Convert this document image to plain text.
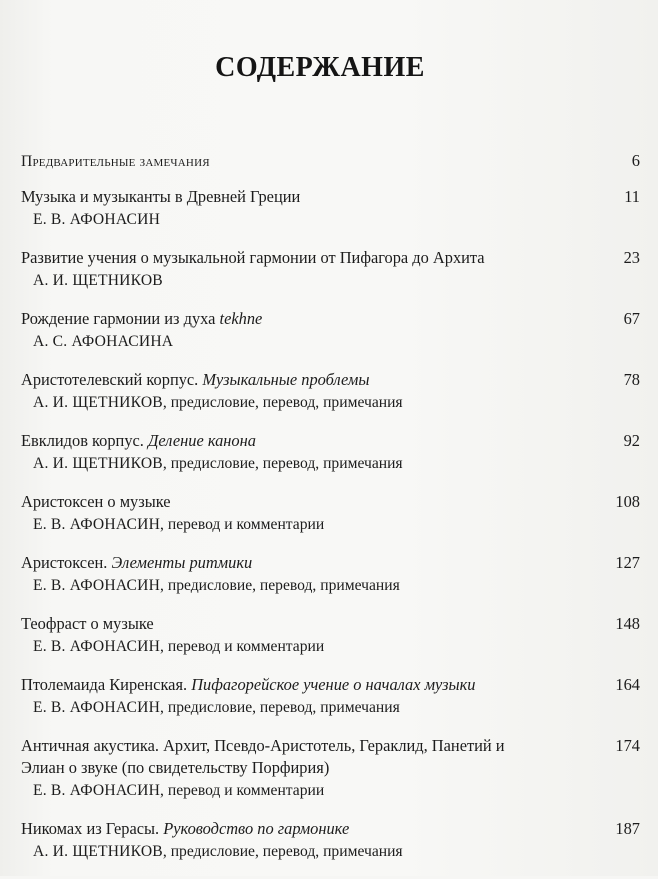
СОДЕРЖАНИЕ
Предварительные замечания	6
Музыка и музыканты в Древней Греции	11
Е. В. АФОНАСИН
Развитие учения о музыкальной гармонии от Пифагора до Архита	23
А. И. ЩЕТНИКОВ
Рождение гармонии из духа tekhne	67
А. С. АФОНАСИНА
Аристотелевский корпус. Музыкальные проблемы	78
А. И. ЩЕТНИКОВ, предисловие, перевод, примечания
Евклидов корпус. Деление канона	92
А. И. ЩЕТНИКОВ, предисловие, перевод, примечания
Аристоксен о музыке	108
Е. В. АФОНАСИН, перевод и комментарии
Аристоксен. Элементы ритмики	127
Е. В. АФОНАСИН, предисловие, перевод, примечания
Теофраст о музыке	148
Е. В. АФОНАСИН, перевод и комментарии
Птолемаида Киренская. Пифагорейское учение о началах музыки	164
Е. В. АФОНАСИН, предисловие, перевод, примечания
Античная акустика. Архит, Псевдо-Аристотель, Гераклид, Панетий и	174
Элиан о звуке (по свидетельству Порфирия)
Е. В. АФОНАСИН, перевод и комментарии
Никомах из Герасы. Руководство по гармонике	187
А. И. ЩЕТНИКОВ, предисловие, перевод, примечания
